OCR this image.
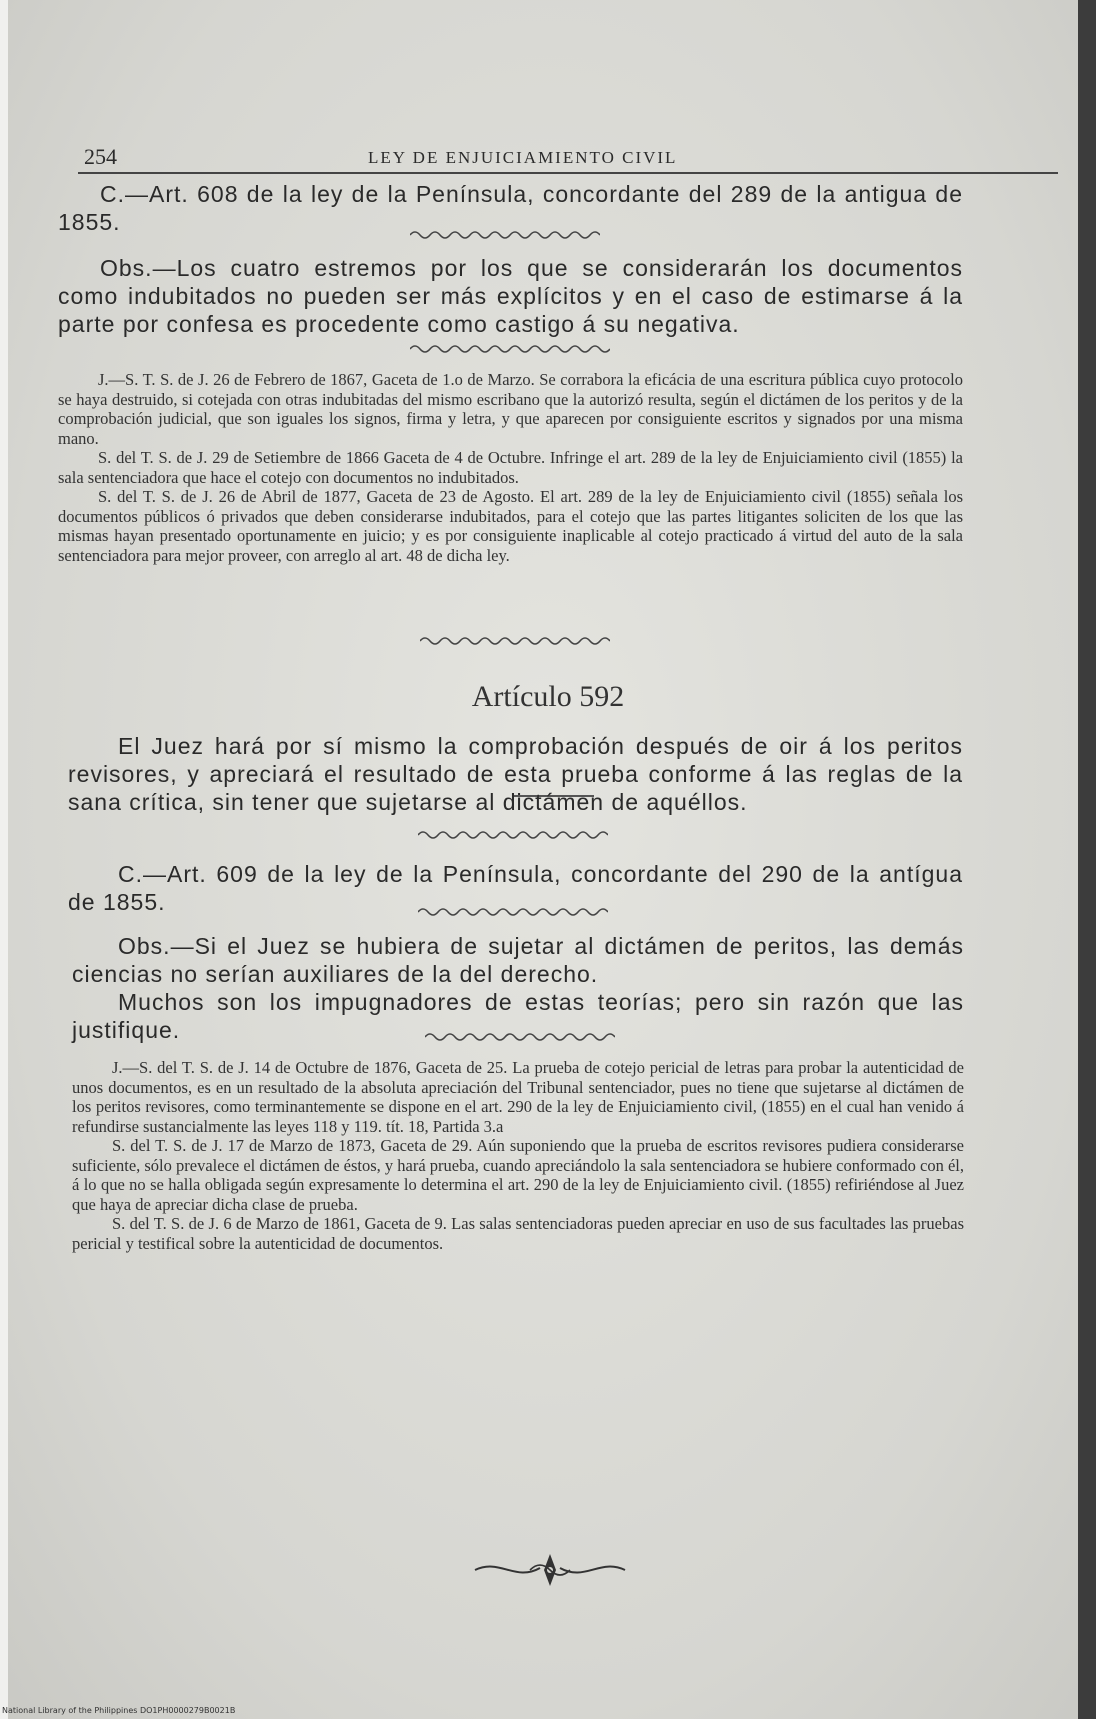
254	LEY DE ENJUICIAMIENTO CIVIL

C.—Art. 608 de la ley de la Península, concordante del 289 de la antigua de 1855.

Obs.—Los cuatro estremos por los que se considerarán los documentos como indubitados no pueden ser más explícitos y en el caso de estimarse á la parte por confesa es procedente como castigo á su negativa.

J.—S. T. S. de J. 26 de Febrero de 1867, Gaceta de 1.o de Marzo. Se corrabora la eficácia de una escritura pública cuyo protocolo se haya destruido, si cotejada con otras indubitadas del mismo escribano que la autorizó resulta, según el dictámen de los peritos y de la comprobación judicial, que son iguales los signos, firma y letra, y que aparecen por consiguiente escritos y signados por una misma mano.

S. del T. S. de J. 29 de Setiembre de 1866 Gaceta de 4 de Octubre. Infringe el art. 289 de la ley de Enjuiciamiento civil (1855) la sala sentenciadora que hace el cotejo con documentos no indubitados.

S. del T. S. de J. 26 de Abril de 1877, Gaceta de 23 de Agosto. El art. 289 de la ley de Enjuiciamiento civil (1855) señala los documentos públicos ó privados que deben considerarse indubitados, para el cotejo que las partes litigantes soliciten de los que las mismas hayan presentado oportunamente en juicio; y es por consiguiente inaplicable al cotejo practicado á virtud del auto de la sala sentenciadora para mejor proveer, con arreglo al art. 48 de dicha ley.

Artículo 592

El Juez hará por sí mismo la comprobación después de oir á los peritos revisores, y apreciará el resultado de esta prueba conforme á las reglas de la sana crítica, sin tener que sujetarse al dictámen de aquéllos.

C.—Art. 609 de la ley de la Península, concordante del 290 de la antígua de 1855.

Obs.—Si el Juez se hubiera de sujetar al dictámen de peritos, las demás ciencias no serían auxiliares de la del derecho.

Muchos son los impugnadores de estas teorías; pero sin razón que las justifique.

J.—S. del T. S. de J. 14 de Octubre de 1876, Gaceta de 25. La prueba de cotejo pericial de letras para probar la autenticidad de unos documentos, es en un resultado de la absoluta apreciación del Tribunal sentenciador, pues no tiene que sujetarse al dictámen de los peritos revisores, como terminantemente se dispone en el art. 290 de la ley de Enjuiciamiento civil, (1855) en el cual han venido á refundirse sustancialmente las leyes 118 y 119. tít. 18, Partida 3.a

S. del T. S. de J. 17 de Marzo de 1873, Gaceta de 29. Aún suponiendo que la prueba de escritos revisores pudiera considerarse suficiente, sólo prevalece el dictámen de éstos, y hará prueba, cuando apreciándolo la sala sentenciadora se hubiere conformado con él, á lo que no se halla obligada según expresamente lo determina el art. 290 de la ley de Enjuiciamiento civil. (1855) refiriéndose al Juez que haya de apreciar dicha clase de prueba.

S. del T. S. de J. 6 de Marzo de 1861, Gaceta de 9. Las salas sentenciadoras pueden apreciar en uso de sus facultades las pruebas pericial y testifical sobre la autenticidad de documentos.

National Library of the Philippines DO1PH0000279B0021B
